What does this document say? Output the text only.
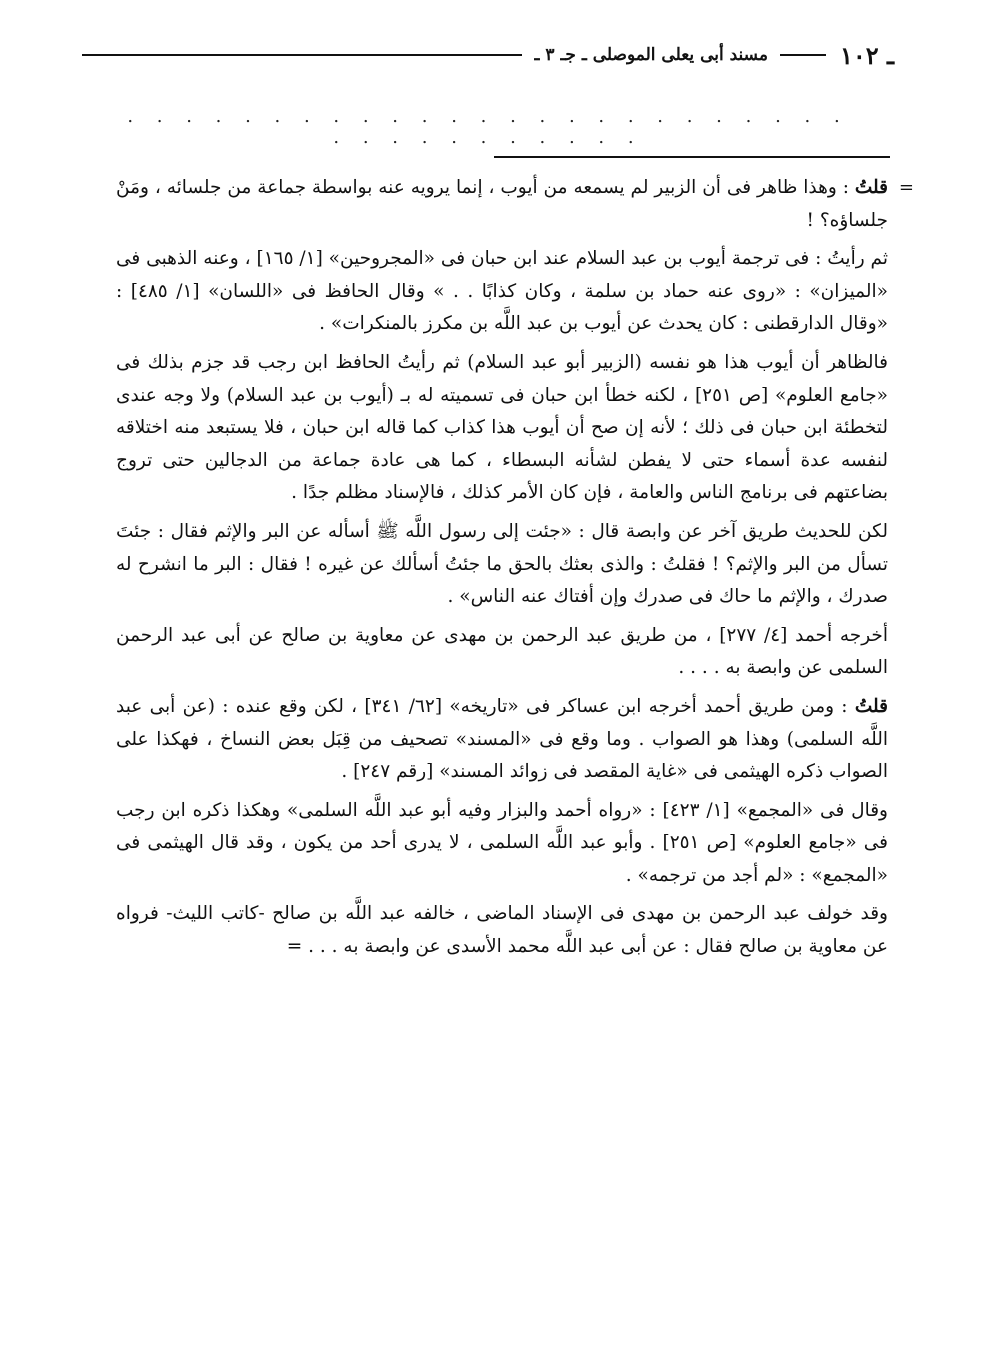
ـ ١٠٢
مسند أبى يعلى الموصلى ـ جـ ٣ ـ
. . . . . . . . . . . . . . . . . . . . . . . . . . . . . . . . . . . .

=
قلتُ : وهذا ظاهر فى أن الزبير لم يسمعه من أيوب ، إنما يرويه عنه بواسطة جماعة من جلسائه ، ومَنْ جلساؤه؟ !

ثم رأيتُ : فى ترجمة أيوب بن عبد السلام عند ابن حبان فى «المجروحين» [١/ ١٦٥] ، وعنه الذهبى فى «الميزان» : «روى عنه حماد بن سلمة ، وكان كذابًا . . » وقال الحافظ فى «اللسان» [١/ ٤٨٥] : «وقال الدارقطنى : كان يحدث عن أيوب بن عبد اللَّه بن مكرز بالمنكرات» .

فالظاهر أن أيوب هذا هو نفسه (الزبير أبو عبد السلام) ثم رأيتُ الحافظ ابن رجب قد جزم بذلك فى «جامع العلوم» [ص ٢٥١] ، لكنه خطأ ابن حبان فى تسميته له بـ (أيوب بن عبد السلام) ولا وجه عندى لتخطئة ابن حبان فى ذلك ؛ لأنه إن صح أن أيوب هذا كذاب كما قاله ابن حبان ، فلا يستبعد منه اختلاقه لنفسه عدة أسماء حتى لا يفطن لشأنه البسطاء ، كما هى عادة جماعة من الدجالين حتى تروج بضاعتهم فى برنامج الناس والعامة ، فإن كان الأمر كذلك ، فالإسناد مظلم جدًا .

لكن للحديث طريق آخر عن وابصة قال : «جئت إلى رسول اللَّه ﷺ أسأله عن البر والإثم فقال : جئتَ تسأل من البر والإثم؟ ! فقلتُ : والذى بعثك بالحق ما جئتُ أسألك عن غيره ! فقال : البر ما انشرح له صدرك ، والإثم ما حاك فى صدرك وإن أفتاك عنه الناس» .

أخرجه أحمد [٤/ ٢٧٧] ، من طريق عبد الرحمن بن مهدى عن معاوية بن صالح عن أبى عبد الرحمن السلمى عن وابصة به . . . .

قلتُ : ومن طريق أحمد أخرجه ابن عساكر فى «تاريخه» [٦٢/ ٣٤١] ، لكن وقع عنده : (عن أبى عبد اللَّه السلمى) وهذا هو الصواب . وما وقع فى «المسند» تصحيف من قِبَل بعض النساخ ، فهكذا على الصواب ذكره الهيثمى فى «غاية المقصد فى زوائد المسند» [رقم ٢٤٧] .

وقال فى «المجمع» [١/ ٤٢٣] : «رواه أحمد والبزار وفيه أبو عبد اللَّه السلمى» وهكذا ذكره ابن رجب فى «جامع العلوم» [ص ٢٥١] . وأبو عبد اللَّه السلمى ، لا يدرى أحد من يكون ، وقد قال الهيثمى فى «المجمع» : «لم أجد من ترجمه» .

وقد خولف عبد الرحمن بن مهدى فى الإسناد الماضى ، خالفه عبد اللَّه بن صالح -كاتب الليث- فرواه عن معاوية بن صالح فقال : عن أبى عبد اللَّه محمد الأسدى عن وابصة به . . . =
